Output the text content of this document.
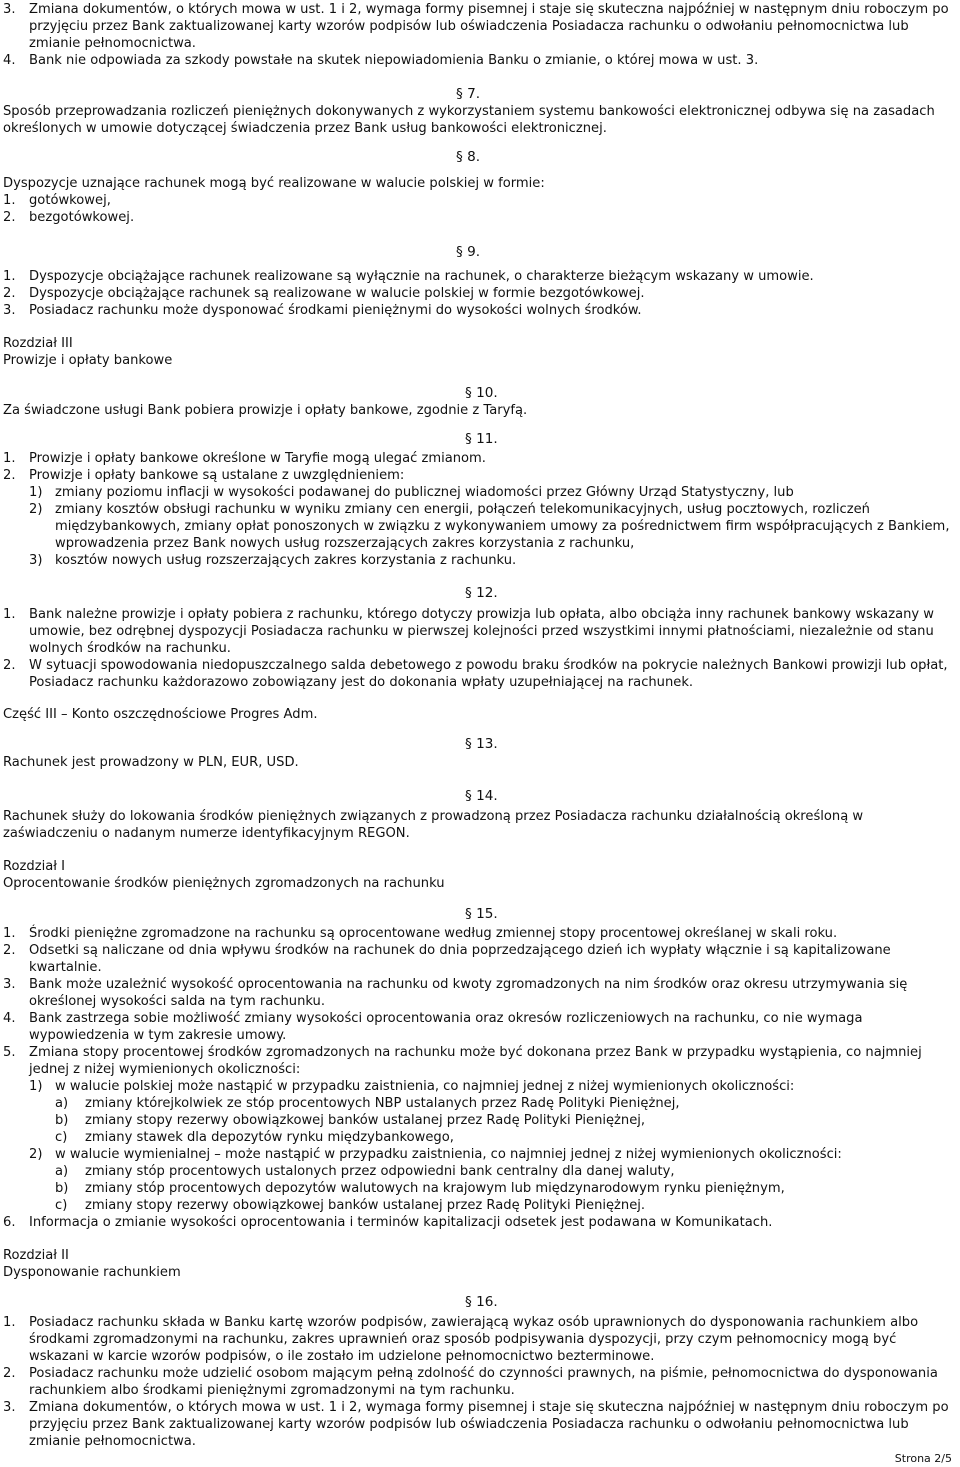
3.	Zmiana dokumentów, o których mowa w ust. 1 i 2, wymaga formy pisemnej i staje się skuteczna najpóźniej w następnym dniu roboczym po przyjęciu przez Bank zaktualizowanej karty wzorów podpisów lub oświadczenia Posiadacza rachunku o odwołaniu pełnomocnictwa lub zmianie pełnomocnictwa.
4.	Bank nie odpowiada za szkody powstałe na skutek niepowiadomienia Banku o zmianie, o której mowa w ust. 3.

§ 7.

Sposób przeprowadzania rozliczeń pieniężnych dokonywanych z wykorzystaniem systemu bankowości elektronicznej odbywa się na zasadach określonych w umowie dotyczącej świadczenia przez Bank usług bankowości elektronicznej.

§ 8.

Dyspozycje uznające rachunek mogą być realizowane w walucie polskiej w formie:

1.	gotówkowej,
2.	bezgotówkowej.

§ 9.

1.	Dyspozycje obciążające rachunek realizowane są wyłącznie na rachunek, o charakterze bieżącym wskazany w umowie.
2.	Dyspozycje obciążające rachunek są realizowane w walucie polskiej w formie bezgotówkowej.
3.	Posiadacz rachunku może dysponować środkami pieniężnymi do wysokości wolnych środków.

Rozdział III

Prowizje i opłaty bankowe

§ 10.

Za świadczone usługi Bank pobiera prowizje i opłaty bankowe, zgodnie z Taryfą.

§ 11.

1.	Prowizje i opłaty bankowe określone w Taryfie mogą ulegać zmianom.
2.	Prowizje i opłaty bankowe są ustalane z uwzględnieniem:
1) zmiany poziomu inflacji w wysokości podawanej do publicznej wiadomości przez Główny Urząd Statystyczny, lub
2) zmiany kosztów obsługi rachunku w wyniku zmiany cen energii, połączeń telekomunikacyjnych, usług pocztowych, rozliczeń międzybankowych, zmiany opłat ponoszonych w związku z wykonywaniem umowy za pośrednictwem firm współpracujących z Bankiem, wprowadzenia przez Bank nowych usług rozszerzających zakres korzystania z rachunku,
3) kosztów nowych usług rozszerzających zakres korzystania z rachunku.

§ 12.

1.	Bank należne prowizje i opłaty pobiera z rachunku, którego dotyczy prowizja lub opłata, albo obciąża inny rachunek bankowy wskazany w umowie, bez odrębnej dyspozycji Posiadacza rachunku w pierwszej kolejności przed wszystkimi innymi płatnościami, niezależnie od stanu wolnych środków na rachunku.
2.	W sytuacji spowodowania niedopuszczalnego salda debetowego z powodu braku środków na pokrycie należnych Bankowi prowizji lub opłat, Posiadacz rachunku każdorazowo zobowiązany jest do dokonania wpłaty uzupełniającej na rachunek.

Część III – Konto oszczędnościowe Progres Adm.

§ 13.

Rachunek jest prowadzony w PLN, EUR, USD.

§ 14.

Rachunek służy do lokowania środków pieniężnych związanych z prowadzoną przez Posiadacza rachunku działalnością określoną w zaświadczeniu o nadanym numerze identyfikacyjnym REGON.

Rozdział I

Oprocentowanie środków pieniężnych zgromadzonych na rachunku

§ 15.

1.	Środki pieniężne zgromadzone na rachunku są oprocentowane według zmiennej stopy procentowej określanej w skali roku.
2.	Odsetki są naliczane od dnia wpływu środków na rachunek do dnia poprzedzającego dzień ich wypłaty włącznie i są kapitalizowane kwartalnie.
3.	Bank może uzależnić wysokość oprocentowania na rachunku od kwoty zgromadzonych na nim środków oraz okresu utrzymywania się określonej wysokości salda na tym rachunku.
4.	Bank zastrzega sobie możliwość zmiany wysokości oprocentowania oraz okresów rozliczeniowych na rachunku, co nie wymaga wypowiedzenia w tym zakresie umowy.
5.	Zmiana stopy procentowej środków zgromadzonych na rachunku może być dokonana przez Bank w przypadku wystąpienia, co najmniej jednej z niżej wymienionych okoliczności:
1) w walucie polskiej może nastąpić w przypadku zaistnienia, co najmniej jednej z niżej wymienionych okoliczności:
a)	zmiany którejkolwiek ze stóp procentowych NBP ustalanych przez Radę Polityki Pieniężnej,
b)	zmiany stopy rezerwy obowiązkowej banków ustalanej przez Radę Polityki Pieniężnej,
c)	zmiany stawek dla depozytów rynku międzybankowego,
2) w walucie wymienialnej – może nastąpić w przypadku zaistnienia, co najmniej jednej z niżej wymienionych okoliczności:
a)	zmiany stóp procentowych ustalonych przez odpowiedni bank centralny dla danej waluty,
b)	zmiany stóp procentowych depozytów walutowych na krajowym lub międzynarodowym rynku pieniężnym,
c)	zmiany stopy rezerwy obowiązkowej banków ustalanej przez Radę Polityki Pieniężnej.
6.	Informacja o zmianie wysokości oprocentowania i terminów kapitalizacji odsetek jest podawana w Komunikatach.

Rozdział II

Dysponowanie rachunkiem

§ 16.

1.	Posiadacz rachunku składa w Banku kartę wzorów podpisów, zawierającą wykaz osób uprawnionych do dysponowania rachunkiem albo środkami zgromadzonymi na rachunku, zakres uprawnień oraz sposób podpisywania dyspozycji, przy czym pełnomocnicy mogą być wskazani w karcie wzorów podpisów, o ile zostało im udzielone pełnomocnictwo bezterminowe.
2.	Posiadacz rachunku może udzielić osobom mającym pełną zdolność do czynności prawnych, na piśmie, pełnomocnictwa do dysponowania rachunkiem albo środkami pieniężnymi zgromadzonymi na tym rachunku.
3.	Zmiana dokumentów, o których mowa w ust. 1 i 2, wymaga formy pisemnej i staje się skuteczna najpóźniej w następnym dniu roboczym po przyjęciu przez Bank zaktualizowanej karty wzorów podpisów lub oświadczenia Posiadacza rachunku o odwołaniu pełnomocnictwa lub zmianie pełnomocnictwa.
Strona 2/5
